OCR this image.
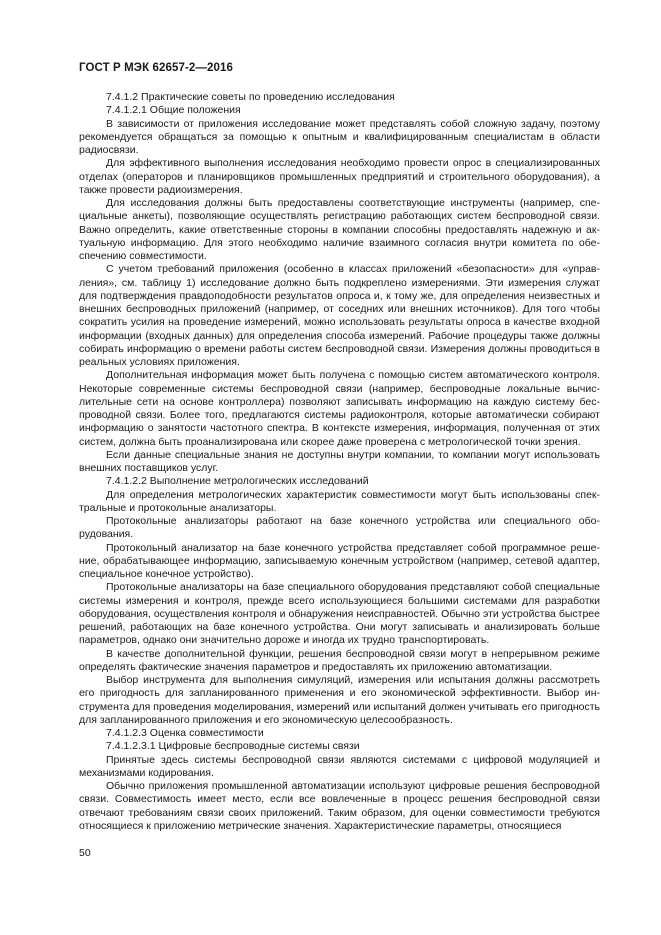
ГОСТ Р МЭК 62657-2—2016

7.4.1.2 Практические советы по проведению исследования

7.4.1.2.1 Общие положения

В зависимости от приложения исследование может представлять собой сложную задачу, поэтому рекомендуется обращаться за помощью к опытным и квалифицированным специалистам в области радиосвязи.

Для эффективного выполнения исследования необходимо провести опрос в специализированных отделах (операторов и планировщиков промышленных предприятий и строительного оборудования), а также провести радиоизмерения.

Для исследования должны быть предоставлены соответствующие инструменты (например, специальные анкеты), позволяющие осуществлять регистрацию работающих систем беспроводной связи. Важно определить, какие ответственные стороны в компании способны предоставлять надежную и актуальную информацию. Для этого необходимо наличие взаимного согласия внутри комитета по обеспечению совместимости.

С учетом требований приложения (особенно в классах приложений «безопасности» для «управления», см. таблицу 1) исследование должно быть подкреплено измерениями. Эти измерения служат для подтверждения правдоподобности результатов опроса и, к тому же, для определения неизвестных и внешних беспроводных приложений (например, от соседних или внешних источников). Для того чтобы сократить усилия на проведение измерений, можно использовать результаты опроса в качестве входной информации (входных данных) для определения способа измерений. Рабочие процедуры также должны собирать информацию о времени работы систем беспроводной связи. Измерения должны проводиться в реальных условиях приложения.

Дополнительная информация может быть получена с помощью систем автоматического контроля. Некоторые современные системы беспроводной связи (например, беспроводные локальные вычислительные сети на основе контроллера) позволяют записывать информацию на каждую систему беспроводной связи. Более того, предлагаются системы радиоконтроля, которые автоматически собирают информацию о занятости частотного спектра. В контексте измерения, информация, полученная от этих систем, должна быть проанализирована или скорее даже проверена с метрологической точки зрения.

Если данные специальные знания не доступны внутри компании, то компании могут использовать внешних поставщиков услуг.

7.4.1.2.2 Выполнение метрологических исследований

Для определения метрологических характеристик совместимости могут быть использованы спектральные и протокольные анализаторы.

Протокольные анализаторы работают на базе конечного устройства или специального оборудования.

Протокольный анализатор на базе конечного устройства представляет собой программное решение, обрабатывающее информацию, записываемую конечным устройством (например, сетевой адаптер, специальное конечное устройство).

Протокольные анализаторы на базе специального оборудования представляют собой специальные системы измерения и контроля, прежде всего использующиеся большими системами для разработки оборудования, осуществления контроля и обнаружения неисправностей. Обычно эти устройства быстрее решений, работающих на базе конечного устройства. Они могут записывать и анализировать больше параметров, однако они значительно дороже и иногда их трудно транспортировать.

В качестве дополнительной функции, решения беспроводной связи могут в непрерывном режиме определять фактические значения параметров и предоставлять их приложению автоматизации.

Выбор инструмента для выполнения симуляций, измерения или испытания должны рассмотреть его пригодность для запланированного применения и его экономической эффективности. Выбор инструмента для проведения моделирования, измерений или испытаний должен учитывать его пригодность для запланированного приложения и его экономическую целесообразность.

7.4.1.2.3 Оценка совместимости

7.4.1.2.3.1 Цифровые беспроводные системы связи

Принятые здесь системы беспроводной связи являются системами с цифровой модуляцией и механизмами кодирования.

Обычно приложения промышленной автоматизации используют цифровые решения беспроводной связи. Совместимость имеет место, если все вовлеченные в процесс решения беспроводной связи отвечают требованиям связи своих приложений. Таким образом, для оценки совместимости требуются относящиеся к приложению метрические значения. Характеристические параметры, относящиеся

50
